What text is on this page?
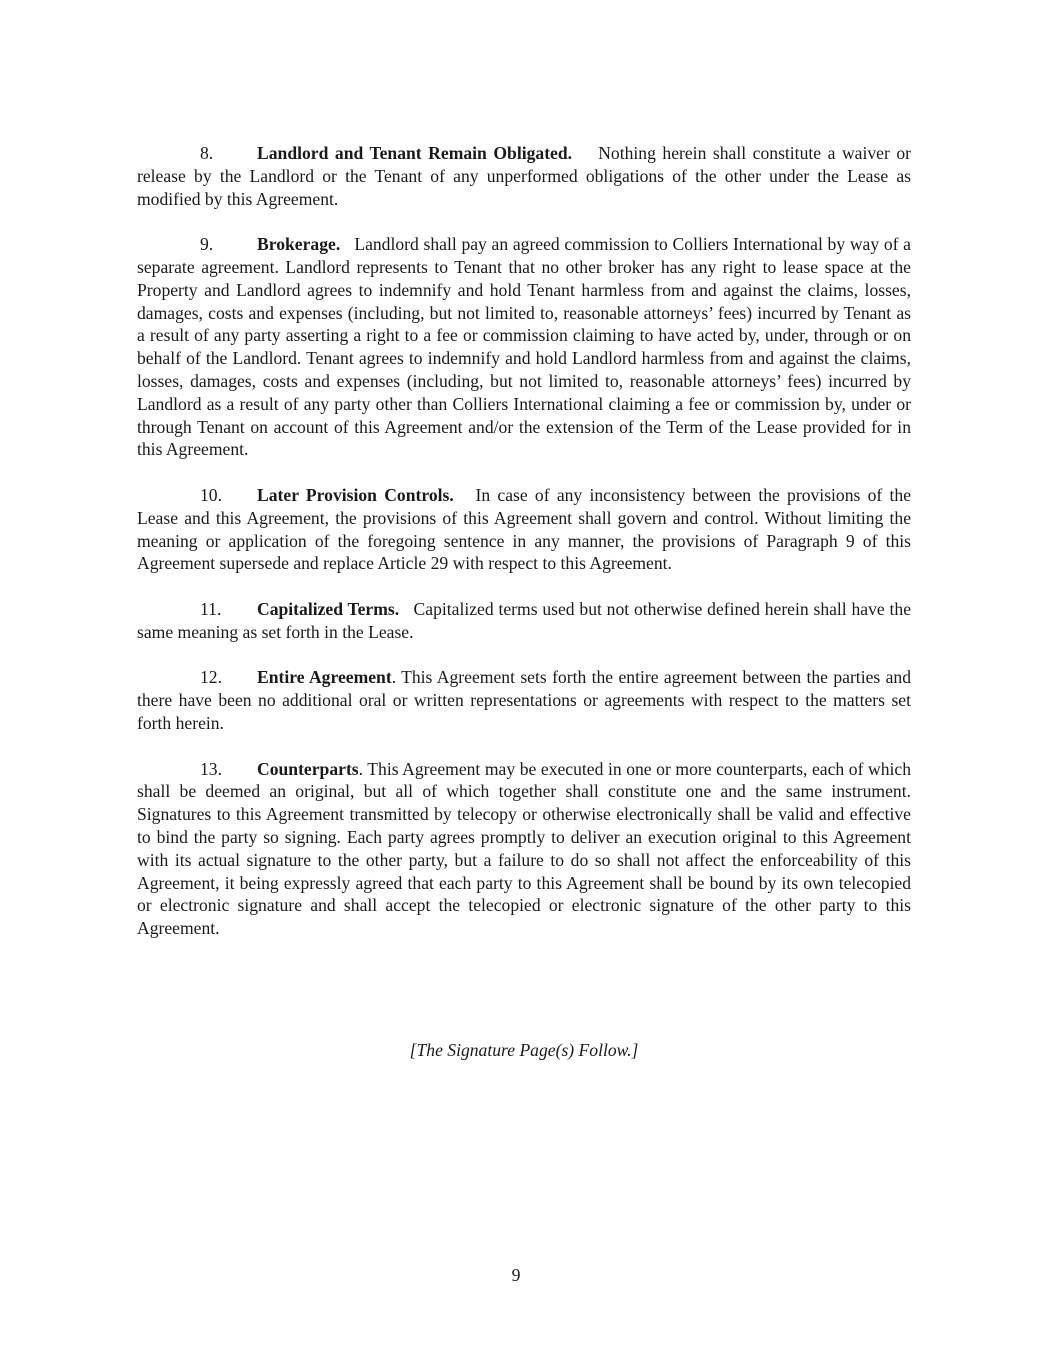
8. Landlord and Tenant Remain Obligated. Nothing herein shall constitute a waiver or release by the Landlord or the Tenant of any unperformed obligations of the other under the Lease as modified by this Agreement.

9. Brokerage. Landlord shall pay an agreed commission to Colliers International by way of a separate agreement. Landlord represents to Tenant that no other broker has any right to lease space at the Property and Landlord agrees to indemnify and hold Tenant harmless from and against the claims, losses, damages, costs and expenses (including, but not limited to, reasonable attorneys’ fees) incurred by Tenant as a result of any party asserting a right to a fee or commission claiming to have acted by, under, through or on behalf of the Landlord. Tenant agrees to indemnify and hold Landlord harmless from and against the claims, losses, damages, costs and expenses (including, but not limited to, reasonable attorneys’ fees) incurred by Landlord as a result of any party other than Colliers International claiming a fee or commission by, under or through Tenant on account of this Agreement and/or the extension of the Term of the Lease provided for in this Agreement.

10. Later Provision Controls. In case of any inconsistency between the provisions of the Lease and this Agreement, the provisions of this Agreement shall govern and control. Without limiting the meaning or application of the foregoing sentence in any manner, the provisions of Paragraph 9 of this Agreement supersede and replace Article 29 with respect to this Agreement.

11. Capitalized Terms. Capitalized terms used but not otherwise defined herein shall have the same meaning as set forth in the Lease.

12. Entire Agreement. This Agreement sets forth the entire agreement between the parties and there have been no additional oral or written representations or agreements with respect to the matters set forth herein.

13. Counterparts. This Agreement may be executed in one or more counterparts, each of which shall be deemed an original, but all of which together shall constitute one and the same instrument. Signatures to this Agreement transmitted by telecopy or otherwise electronically shall be valid and effective to bind the party so signing. Each party agrees promptly to deliver an execution original to this Agreement with its actual signature to the other party, but a failure to do so shall not affect the enforceability of this Agreement, it being expressly agreed that each party to this Agreement shall be bound by its own telecopied or electronic signature and shall accept the telecopied or electronic signature of the other party to this Agreement.

[The Signature Page(s) Follow.]
9
